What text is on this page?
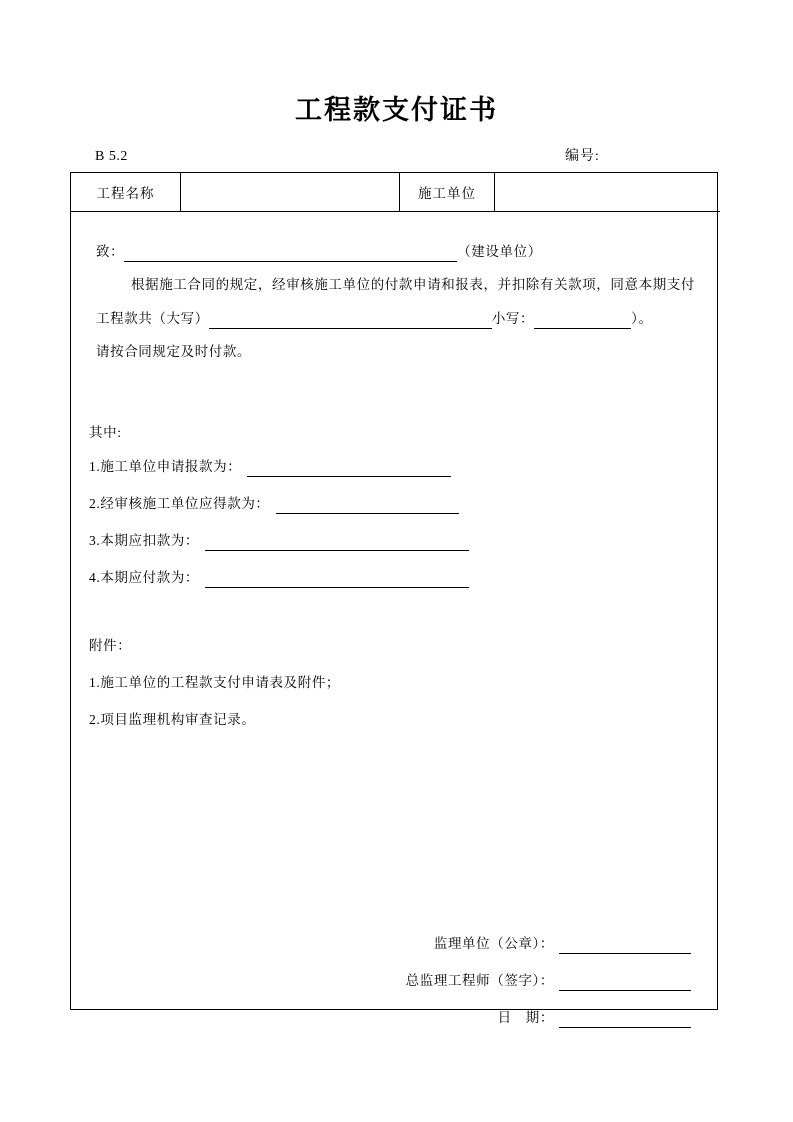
工程款支付证书
B 5.2	编号:
工程名称		施工单位	
致：	（建设单位）
根据施工合同的规定，经审核施工单位的付款申请和报表，并扣除有关款项，同意本期支付
工程款共（大写）	小写：	）。
请按合同规定及时付款。
其中:
1.施工单位申请报款为：
2.经审核施工单位应得款为：
3.本期应扣款为：
4.本期应付款为：
附件：
1.施工单位的工程款支付申请表及附件；
2.项目监理机构审查记录。
监理单位（公章）：
总监理工程师（签字）：
日　期：
